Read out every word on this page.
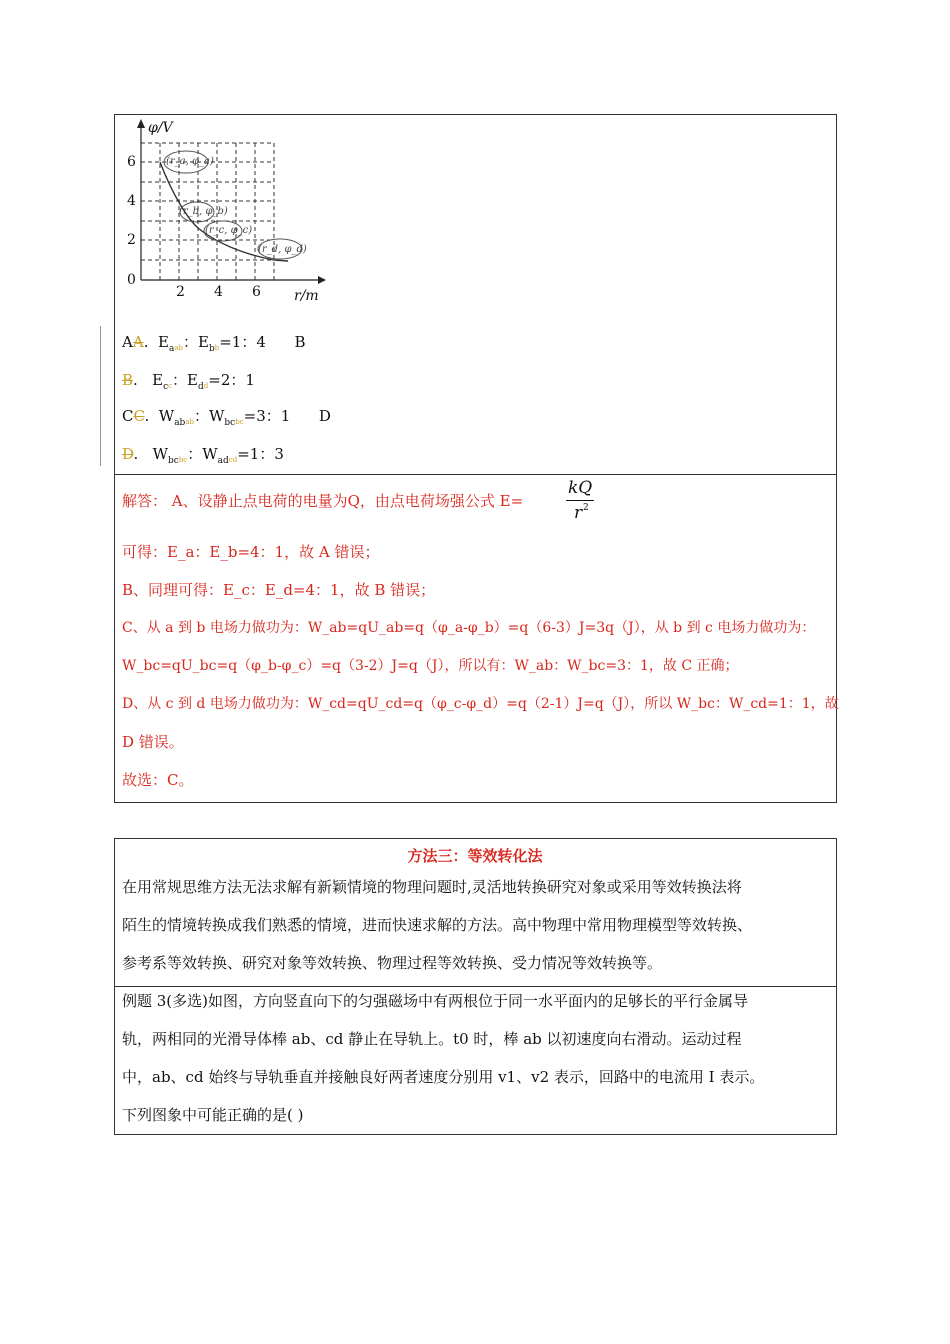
φ/V
r/m
6
4
2
0
2 4 6
(r_a, φ_a)
(r_b, φ_b)
(r_c, φ_c)
(r_d, φ_d)
AA. $E_{aab}$：$E_{bb}=1$：4 B
B. $E_{cc}$：$E_{dd}=2$：1
CC. $W_{abab}$：$W_{bcbc}=3$：1 D
D. $W_{bcbc}$：$W_{adcd}=1$：3
解答： A、设静止点电荷的电量为Q，由点电荷场强公式 E=
kQ
r 2
可得：E_a：E_b=4：1，故 A 错误；
B、同理可得：E_c：E_d=4：1，故 B 错误；
C、从 a 到 b 电场力做功为：W_ab=qU_ab=q（φ_a-φ_b）=q（6-3）J=3q（J），从 b 到 c 电场力做功为：
W_bc=qU_bc=q（φ_b-φ_c）=q（3-2）J=q（J），所以有：W_ab：W_bc=3：1，故 C 正确；
D、从 c 到 d 电场力做功为：W_cd=qU_cd=q（φ_c-φ_d）=q（2-1）J=q（J），所以 W_bc：W_cd=1：1，故
D 错误。
故选：C。
方法三：等效转化法
在用常规思维方法无法求解有新颖情境的物理问题时,灵活地转换研究对象或采用等效转换法将
陌生的情境转换成我们熟悉的情境，进而快速求解的方法。高中物理中常用物理模型等效转换、
参考系等效转换、研究对象等效转换、物理过程等效转换、受力情况等效转换等。
例题 3(多选)如图，方向竖直向下的匀强磁场中有两根位于同一水平面内的足够长的平行金属导
轨，两相同的光滑导体棒 ab、cd 静止在导轨上。t0 时，棒 ab 以初速度向右滑动。运动过程
中，ab、cd 始终与导轨垂直并接触良好两者速度分别用 v1、v2 表示，回路中的电流用 I 表示。
下列图象中可能正确的是( )
